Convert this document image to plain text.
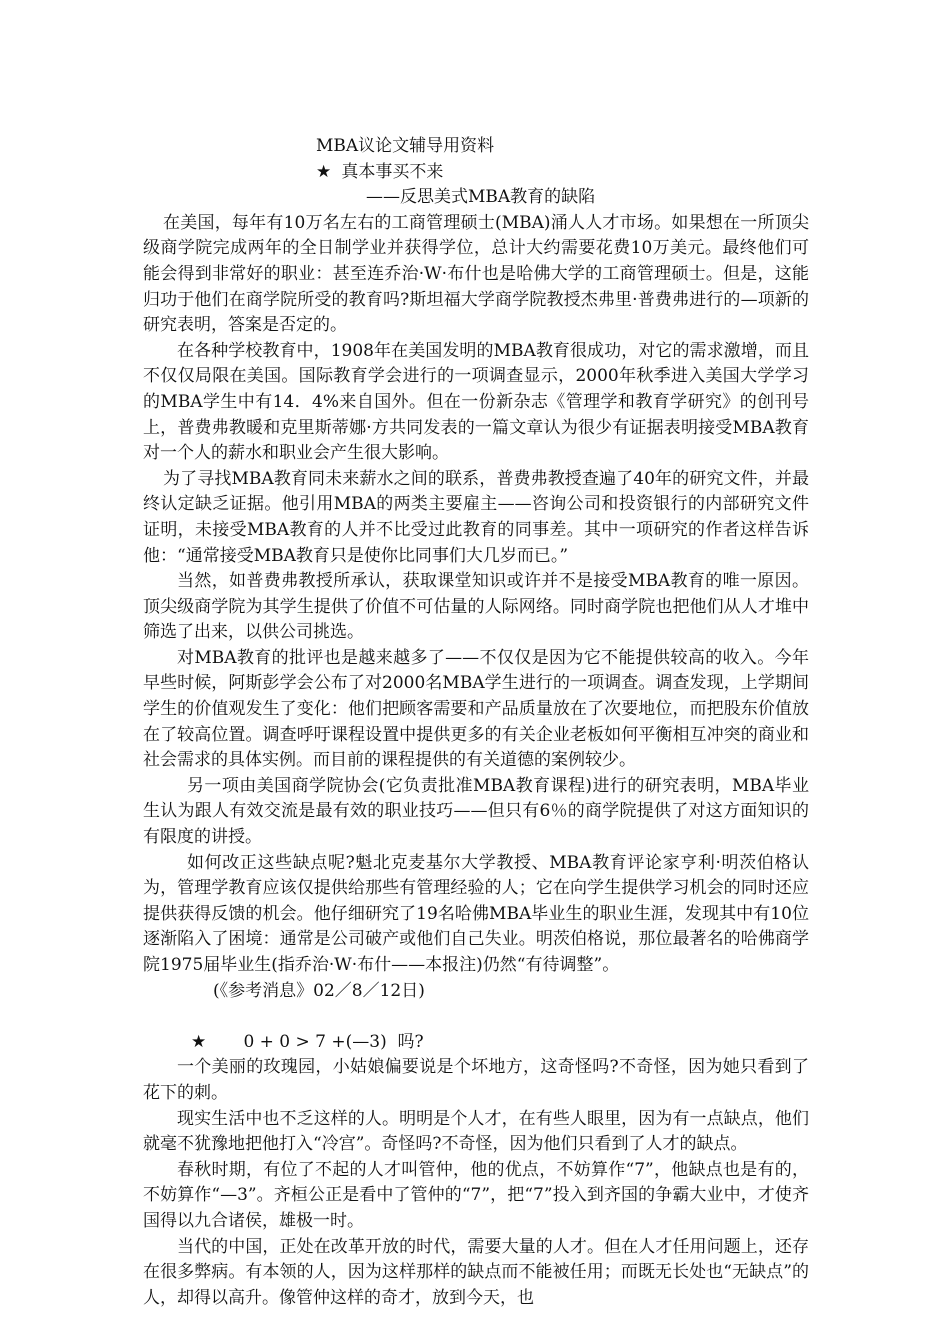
MBA议论文辅导用资料
★ 真本事买不来
——反思美式MBA教育的缺陷

在美国，每年有10万名左右的工商管理硕士(MBA)涌人人才市场。如果想在一所顶尖级商学院完成两年的全日制学业并获得学位，总计大约需要花费10万美元。最终他们可能会得到非常好的职业：甚至连乔治·W·布什也是哈佛大学的工商管理硕士。但是，这能归功于他们在商学院所受的教育吗?斯坦福大学商学院教授杰弗里·普费弗进行的—项新的研究表明，答案是否定的。

在各种学校教育中，1908年在美国发明的MBA教育很成功，对它的需求激增，而且不仅仅局限在美国。国际教育学会进行的一项调查显示，2000年秋季进入美国大学学习的MBA学生中有14．4%来自国外。但在一份新杂志《管理学和教育学研究》的创刊号上，普费弗教暖和克里斯蒂娜·方共同发表的一篇文章认为很少有证据表明接受MBA教育对一个人的薪水和职业会产生很大影响。

为了寻找MBA教育同未来薪水之间的联系，普费弗教授查遍了40年的研究文件，并最终认定缺乏证据。他引用MBA的两类主要雇主——咨询公司和投资银行的内部研究文件证明，未接受MBA教育的人并不比受过此教育的同事差。其中一项研究的作者这样告诉他：“通常接受MBA教育只是使你比同事们大几岁而已。”

当然，如普费弗教授所承认，获取课堂知识或许并不是接受MBA教育的唯一原因。顶尖级商学院为其学生提供了价值不可估量的人际网络。同时商学院也把他们从人才堆中筛选了出来，以供公司挑选。

对MBA教育的批评也是越来越多了——不仅仅是因为它不能提供较高的收入。今年早些时候，阿斯彭学会公布了对2000名MBA学生进行的一项调查。调查发现，上学期间学生的价值观发生了变化：他们把顾客需要和产品质量放在了次要地位，而把股东价值放在了较高位置。调查呼吁课程设置中提供更多的有关企业老板如何平衡相互冲突的商业和社会需求的具体实例。而目前的课程提供的有关道德的案例较少。

另一项由美国商学院协会(它负责批准MBA教育课程)进行的研究表明，MBA毕业生认为跟人有效交流是最有效的职业技巧——但只有6％的商学院提供了对这方面知识的有限度的讲授。

如何改正这些缺点呢?魁北克麦基尔大学教授、MBA教育评论家亨利·明茨伯格认为，管理学教育应该仅提供给那些有管理经验的人；它在向学生提供学习机会的同时还应提供获得反馈的机会。他仔细研究了19名哈佛MBA毕业生的职业生涯，发现其中有10位逐渐陷入了困境：通常是公司破产或他们自己失业。明茨伯格说，那位最著名的哈佛商学院1975届毕业生(指乔治·W·布什——本报注)仍然“有待调整”。

(《参考消息》02／8／12日)
★ 0 + 0 > 7 +(—3)  吗?

一个美丽的玫瑰园，小姑娘偏要说是个坏地方，这奇怪吗?不奇怪，因为她只看到了花下的刺。

现实生活中也不乏这样的人。明明是个人才，在有些人眼里，因为有一点缺点，他们就毫不犹豫地把他打入“冷宫”。奇怪吗?不奇怪，因为他们只看到了人才的缺点。

春秋时期，有位了不起的人才叫管仲，他的优点，不妨算作“7”，他缺点也是有的，不妨算作“—3”。齐桓公正是看中了管仲的“7”，把“7”投入到齐国的争霸大业中，才使齐国得以九合诸侯，雄极一时。

当代的中国，正处在改革开放的时代，需要大量的人才。但在人才任用问题上，还存在很多弊病。有本领的人，因为这样那样的缺点而不能被任用；而既无长处也“无缺点”的人，却得以高升。像管仲这样的奇才，放到今天，也
